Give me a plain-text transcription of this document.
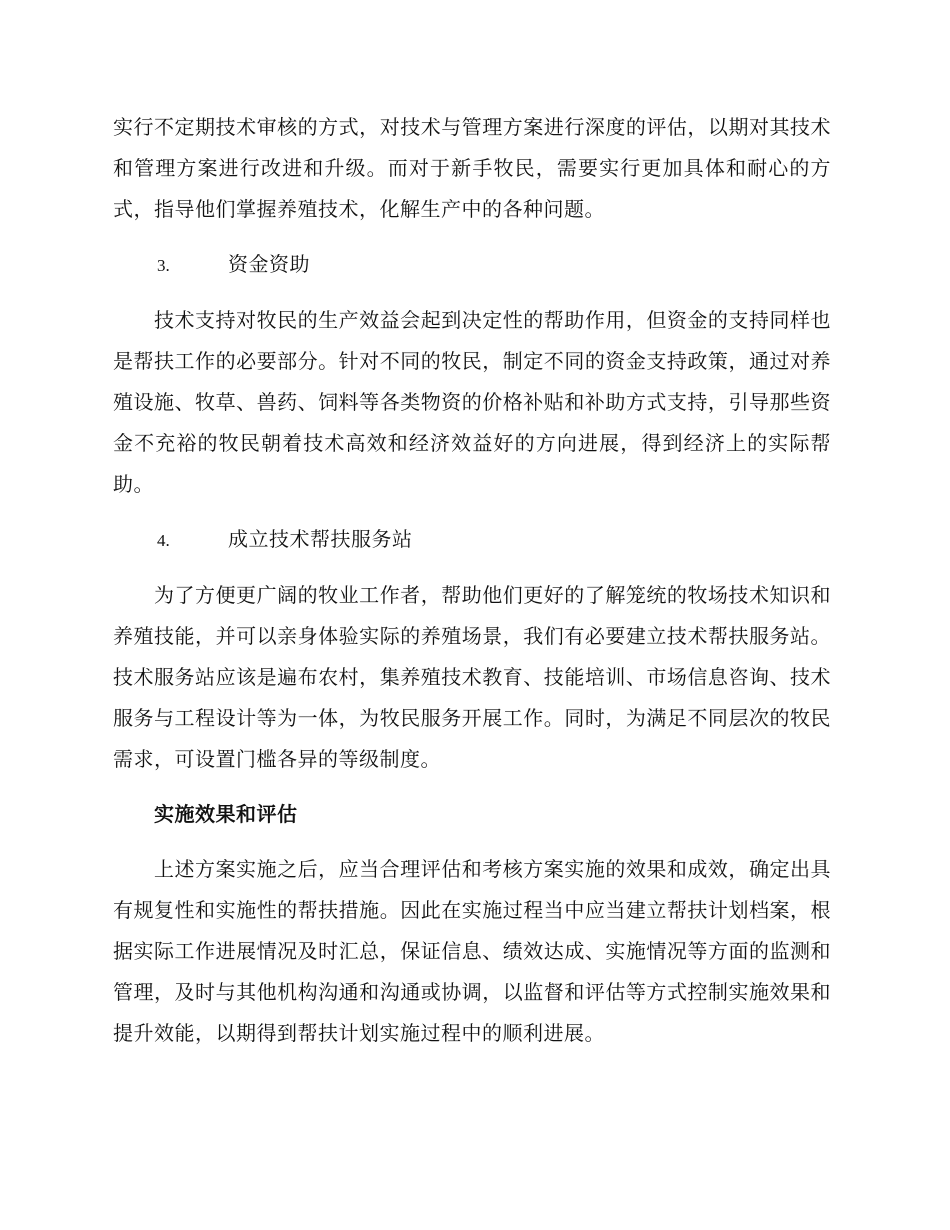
实行不定期技术审核的方式，对技术与管理方案进行深度的评估，以期对其技术和管理方案进行改进和升级。而对于新手牧民，需要实行更加具体和耐心的方式，指导他们掌握养殖技术，化解生产中的各种问题。

3.	资金资助

技术支持对牧民的生产效益会起到决定性的帮助作用，但资金的支持同样也是帮扶工作的必要部分。针对不同的牧民，制定不同的资金支持政策，通过对养殖设施、牧草、兽药、饲料等各类物资的价格补贴和补助方式支持，引导那些资金不充裕的牧民朝着技术高效和经济效益好的方向进展，得到经济上的实际帮助。

4.	成立技术帮扶服务站

为了方便更广阔的牧业工作者，帮助他们更好的了解笼统的牧场技术知识和养殖技能，并可以亲身体验实际的养殖场景，我们有必要建立技术帮扶服务站。技术服务站应该是遍布农村，集养殖技术教育、技能培训、市场信息咨询、技术服务与工程设计等为一体，为牧民服务开展工作。同时，为满足不同层次的牧民需求，可设置门槛各异的等级制度。

实施效果和评估

上述方案实施之后，应当合理评估和考核方案实施的效果和成效，确定出具有规复性和实施性的帮扶措施。因此在实施过程当中应当建立帮扶计划档案，根据实际工作进展情况及时汇总，保证信息、绩效达成、实施情况等方面的监测和管理，及时与其他机构沟通和沟通或协调，以监督和评估等方式控制实施效果和提升效能，以期得到帮扶计划实施过程中的顺利进展。
